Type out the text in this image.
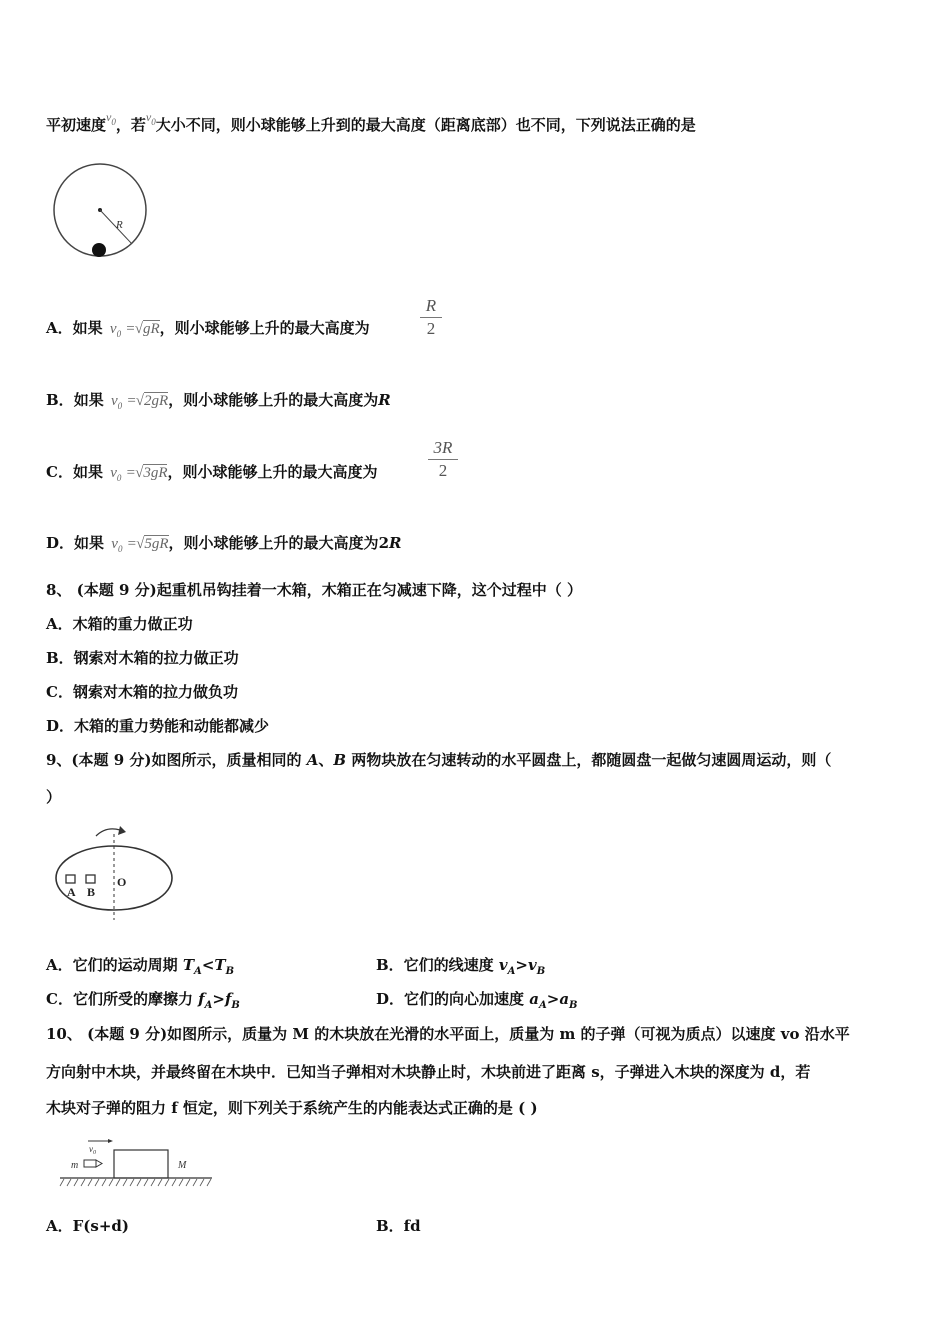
平初速度$^{v_0}$，若$^{v_0}$大小不同，则小球能够上升到的最大高度（距离底部）也不同，下列说法正确的是
R
A．如果 $v_0 =√gR$，则小球能够上升的最大高度为
R
2
B．如果 $v_0 =√2gR$，则小球能够上升的最大高度为R
C．如果 $v_0 =√3gR$，则小球能够上升的最大高度为
3R
2
D．如果 $v_0 =√5gR$，则小球能够上升的最大高度为2R
8、 (本题 9 分)起重机吊钩挂着一木箱，木箱正在匀减速下降，这个过程中（ ）
A．木箱的重力做正功
B．钢索对木箱的拉力做正功
C．钢索对木箱的拉力做负功
D．木箱的重力势能和动能都减少
9、(本题 9 分)如图所示，质量相同的 A、B 两物块放在匀速转动的水平圆盘上，都随圆盘一起做匀速圆周运动，则（
）
A B
O
A．它们的运动周期 $T_A<T_B$	B．它们的线速度 $v_A>v_B$
C．它们所受的摩擦力 $f_A>f_B$	D．它们的向心加速度 $a_A>a_B$
10、 (本题 9 分)如图所示，质量为 M 的木块放在光滑的水平面上，质量为 m 的子弹（可视为质点）以速度 vo 沿水平
方向射中木块，并最终留在木块中．已知当子弹相对木块静止时，木块前进了距离 s，子弹进入木块的深度为 d，若
木块对子弹的阻力 f 恒定，则下列关于系统产生的内能表达式正确的是 ( )
$v_0$
m	M
A．F(s+d)	B．fd
